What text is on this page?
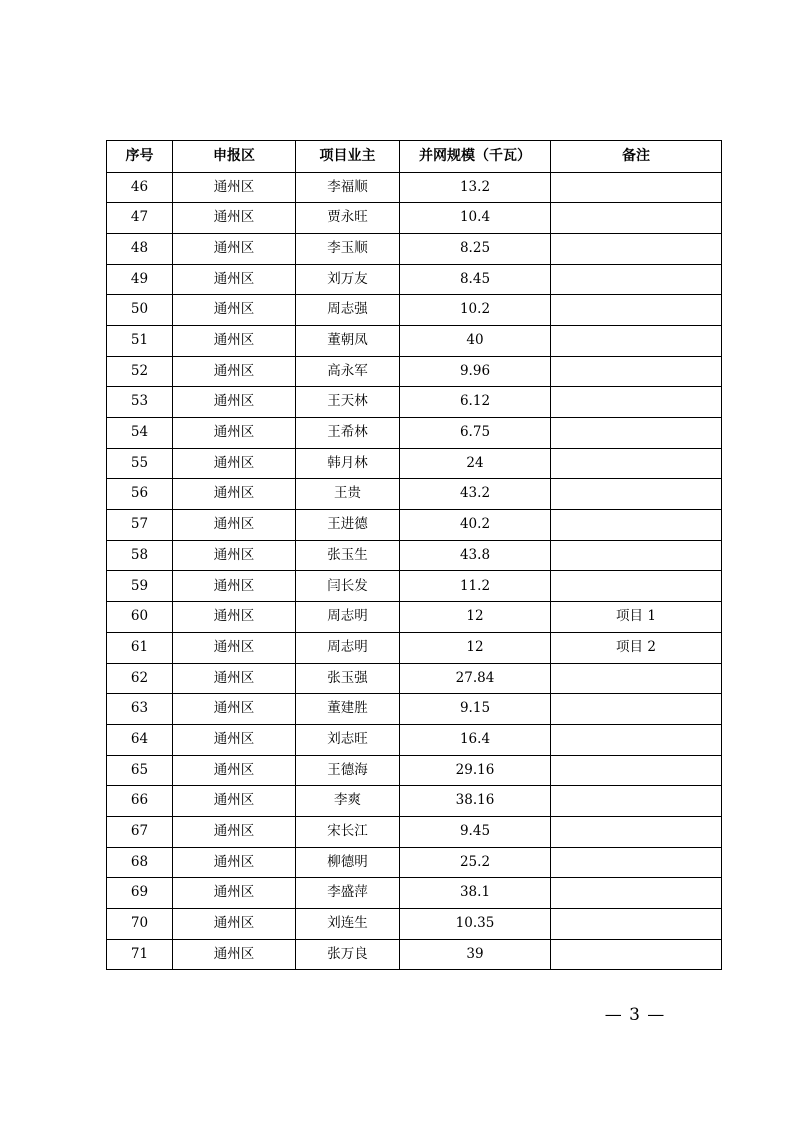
序号	申报区	项目业主	并网规模（千瓦）	备注
46	通州区	李福顺	13.2	
47	通州区	贾永旺	10.4	
48	通州区	李玉顺	8.25	
49	通州区	刘万友	8.45	
50	通州区	周志强	10.2	
51	通州区	董朝凤	40	
52	通州区	高永军	9.96	
53	通州区	王天林	6.12	
54	通州区	王希林	6.75	
55	通州区	韩月林	24	
56	通州区	王贵	43.2	
57	通州区	王进德	40.2	
58	通州区	张玉生	43.8	
59	通州区	闫长发	11.2	
60	通州区	周志明	12	项目 1
61	通州区	周志明	12	项目 2
62	通州区	张玉强	27.84	
63	通州区	董建胜	9.15	
64	通州区	刘志旺	16.4	
65	通州区	王德海	29.16	
66	通州区	李爽	38.16	
67	通州区	宋长江	9.45	
68	通州区	柳德明	25.2	
69	通州区	李盛萍	38.1	
70	通州区	刘连生	10.35	
71	通州区	张万良	39	
— 3 —
